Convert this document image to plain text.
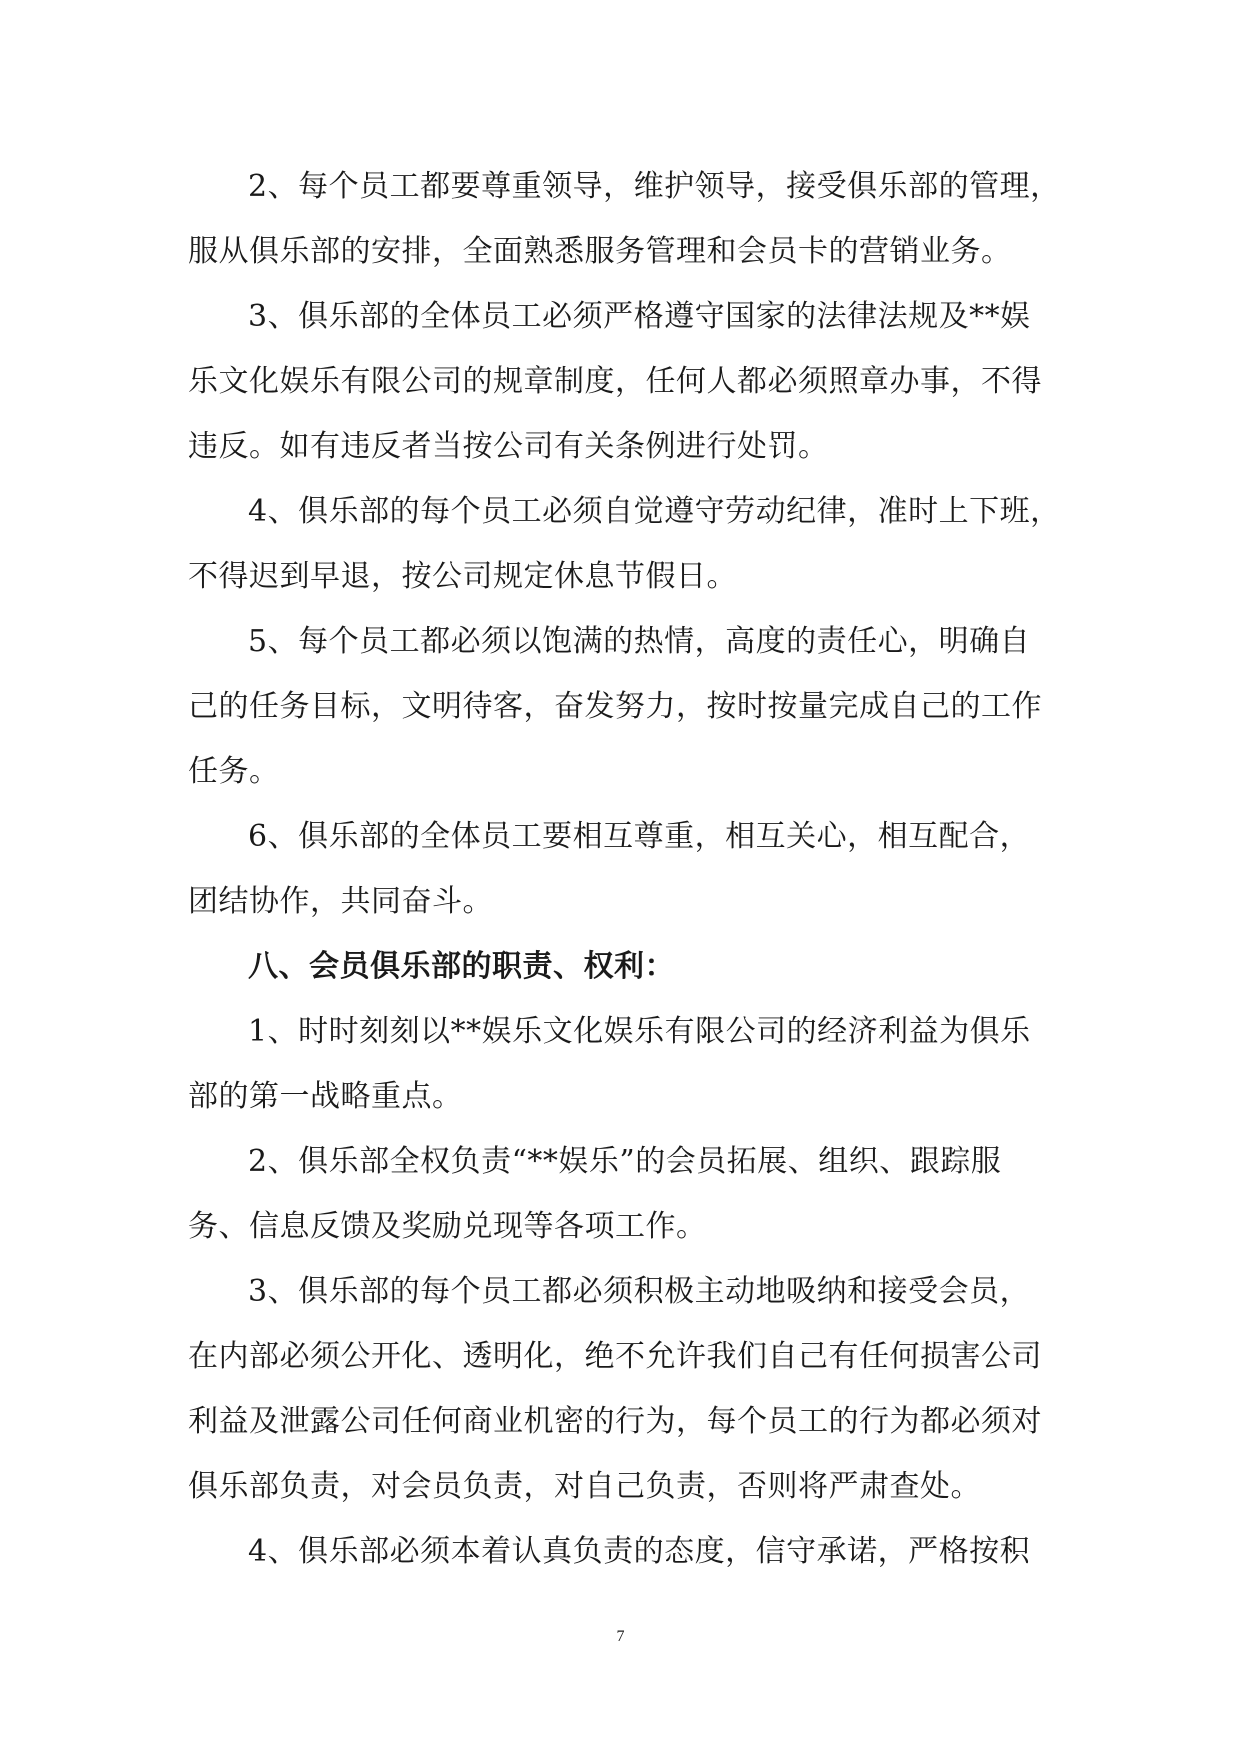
2、每个员工都要尊重领导，维护领导，接受俱乐部的管理，
服从俱乐部的安排，全面熟悉服务管理和会员卡的营销业务。
3、俱乐部的全体员工必须严格遵守国家的法律法规及**娱
乐文化娱乐有限公司的规章制度，任何人都必须照章办事，不得
违反。如有违反者当按公司有关条例进行处罚。
4、俱乐部的每个员工必须自觉遵守劳动纪律，准时上下班，
不得迟到早退，按公司规定休息节假日。
5、每个员工都必须以饱满的热情，高度的责任心，明确自
己的任务目标，文明待客，奋发努力，按时按量完成自己的工作
任务。
6、俱乐部的全体员工要相互尊重，相互关心，相互配合，
团结协作，共同奋斗。
八、会员俱乐部的职责、权利：
1、时时刻刻以**娱乐文化娱乐有限公司的经济利益为俱乐
部的第一战略重点。
2、俱乐部全权负责“**娱乐”的会员拓展、组织、跟踪服
务、信息反馈及奖励兑现等各项工作。
3、俱乐部的每个员工都必须积极主动地吸纳和接受会员，
在内部必须公开化、透明化，绝不允许我们自己有任何损害公司
利益及泄露公司任何商业机密的行为，每个员工的行为都必须对
俱乐部负责，对会员负责，对自己负责，否则将严肃查处。
4、俱乐部必须本着认真负责的态度，信守承诺，严格按积
7
